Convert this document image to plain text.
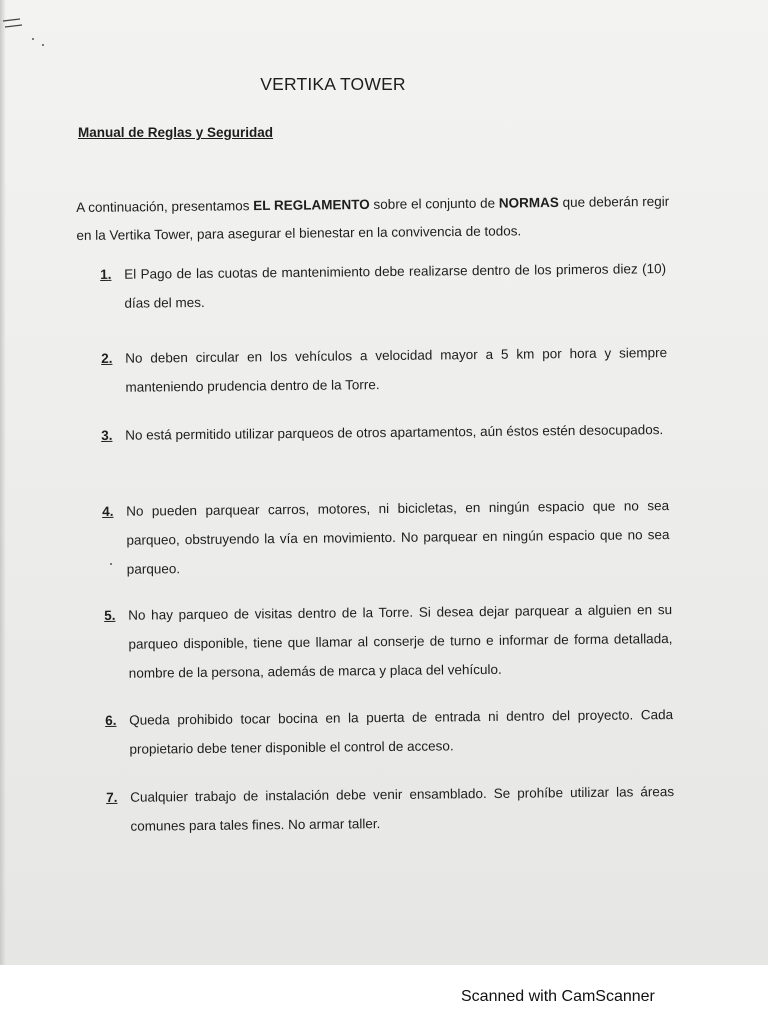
VERTIKA TOWER
Manual de Reglas y Seguridad
A continuación, presentamos EL REGLAMENTO sobre el conjunto de NORMAS que deberán regir en la Vertika Tower, para asegurar el bienestar en la convivencia de todos.
1. El Pago de las cuotas de mantenimiento debe realizarse dentro de los primeros diez (10) días del mes.
2. No deben circular en los vehículos a velocidad mayor a 5 km por hora y siempre manteniendo prudencia dentro de la Torre.
3. No está permitido utilizar parqueos de otros apartamentos, aún éstos estén desocupados.
4. No pueden parquear carros, motores, ni bicicletas, en ningún espacio que no sea parqueo, obstruyendo la vía en movimiento. No parquear en ningún espacio que no sea parqueo.
5. No hay parqueo de visitas dentro de la Torre. Si desea dejar parquear a alguien en su parqueo disponible, tiene que llamar al conserje de turno e informar de forma detallada, nombre de la persona, además de marca y placa del vehículo.
6. Queda prohibido tocar bocina en la puerta de entrada ni dentro del proyecto. Cada propietario debe tener disponible el control de acceso.
7. Cualquier trabajo de instalación debe venir ensamblado. Se prohíbe utilizar las áreas comunes para tales fines. No armar taller.
Scanned with CamScanner
